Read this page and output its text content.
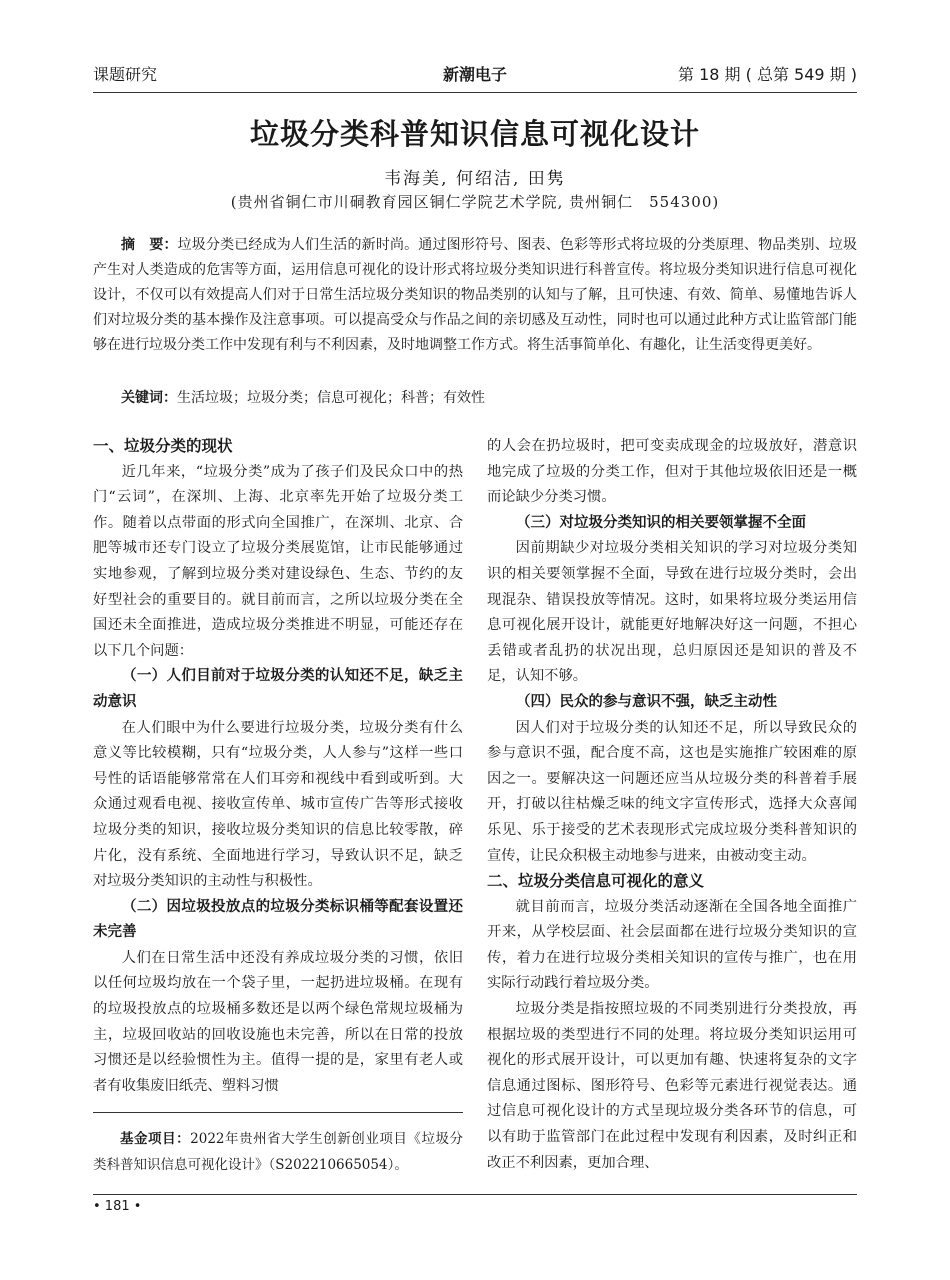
课题研究	新潮电子	第 18 期 ( 总第 549 期 )
垃圾分类科普知识信息可视化设计
韦海美, 何绍洁, 田隽
(贵州省铜仁市川硐教育园区铜仁学院艺术学院, 贵州铜仁　554300)

摘　要：垃圾分类已经成为人们生活的新时尚。通过图形符号、图表、色彩等形式将垃圾的分类原理、物品类别、垃圾产生对人类造成的危害等方面，运用信息可视化的设计形式将垃圾分类知识进行科普宣传。将垃圾分类知识进行信息可视化设计，不仅可以有效提高人们对于日常生活垃圾分类知识的物品类别的认知与了解，且可快速、有效、简单、易懂地告诉人们对垃圾分类的基本操作及注意事项。可以提高受众与作品之间的亲切感及互动性，同时也可以通过此种方式让监管部门能够在进行垃圾分类工作中发现有利与不利因素，及时地调整工作方式。将生活事简单化、有趣化，让生活变得更美好。

关键词：生活垃圾；垃圾分类；信息可视化；科普；有效性

一、垃圾分类的现状

近几年来，“垃圾分类”成为了孩子们及民众口中的热门“云词”，在深圳、上海、北京率先开始了垃圾分类工作。随着以点带面的形式向全国推广，在深圳、北京、合肥等城市还专门设立了垃圾分类展览馆，让市民能够通过实地参观，了解到垃圾分类对建设绿色、生态、节约的友好型社会的重要目的。就目前而言，之所以垃圾分类在全国还未全面推进，造成垃圾分类推进不明显，可能还存在以下几个问题：

（一）人们目前对于垃圾分类的认知还不足，缺乏主动意识

在人们眼中为什么要进行垃圾分类，垃圾分类有什么意义等比较模糊，只有“垃圾分类，人人参与”这样一些口号性的话语能够常常在人们耳旁和视线中看到或听到。大众通过观看电视、接收宣传单、城市宣传广告等形式接收垃圾分类的知识，接收垃圾分类知识的信息比较零散，碎片化，没有系统、全面地进行学习，导致认识不足，缺乏对垃圾分类知识的主动性与积极性。

（二）因垃圾投放点的垃圾分类标识桶等配套设置还未完善

人们在日常生活中还没有养成垃圾分类的习惯，依旧以任何垃圾均放在一个袋子里，一起扔进垃圾桶。在现有的垃圾投放点的垃圾桶多数还是以两个绿色常规垃圾桶为主，垃圾回收站的回收设施也未完善，所以在日常的投放习惯还是以经验惯性为主。值得一提的是，家里有老人或者有收集废旧纸壳、塑料习惯

的人会在扔垃圾时，把可变卖成现金的垃圾放好，潜意识地完成了垃圾的分类工作，但对于其他垃圾依旧还是一概而论缺少分类习惯。

（三）对垃圾分类知识的相关要领掌握不全面

因前期缺少对垃圾分类相关知识的学习对垃圾分类知识的相关要领掌握不全面，导致在进行垃圾分类时，会出现混杂、错误投放等情况。这时，如果将垃圾分类运用信息可视化展开设计，就能更好地解决好这一问题，不担心丢错或者乱扔的状况出现，总归原因还是知识的普及不足，认知不够。

（四）民众的参与意识不强，缺乏主动性

因人们对于垃圾分类的认知还不足，所以导致民众的参与意识不强，配合度不高，这也是实施推广较困难的原因之一。要解决这一问题还应当从垃圾分类的科普着手展开，打破以往枯燥乏味的纯文字宣传形式，选择大众喜闻乐见、乐于接受的艺术表现形式完成垃圾分类科普知识的宣传，让民众积极主动地参与进来，由被动变主动。

二、垃圾分类信息可视化的意义

就目前而言，垃圾分类活动逐渐在全国各地全面推广开来，从学校层面、社会层面都在进行垃圾分类知识的宣传，着力在进行垃圾分类相关知识的宣传与推广，也在用实际行动践行着垃圾分类。

垃圾分类是指按照垃圾的不同类别进行分类投放，再根据垃圾的类型进行不同的处理。将垃圾分类知识运用可视化的形式展开设计，可以更加有趣、快速将复杂的文字信息通过图标、图形符号、色彩等元素进行视觉表达。通过信息可视化设计的方式呈现垃圾分类各环节的信息，可以有助于监管部门在此过程中发现有利因素，及时纠正和改正不利因素，更加合理、

基金项目：2022年贵州省大学生创新创业项目《垃圾分类科普知识信息可视化设计》（S202210665054）。

• 181 •
